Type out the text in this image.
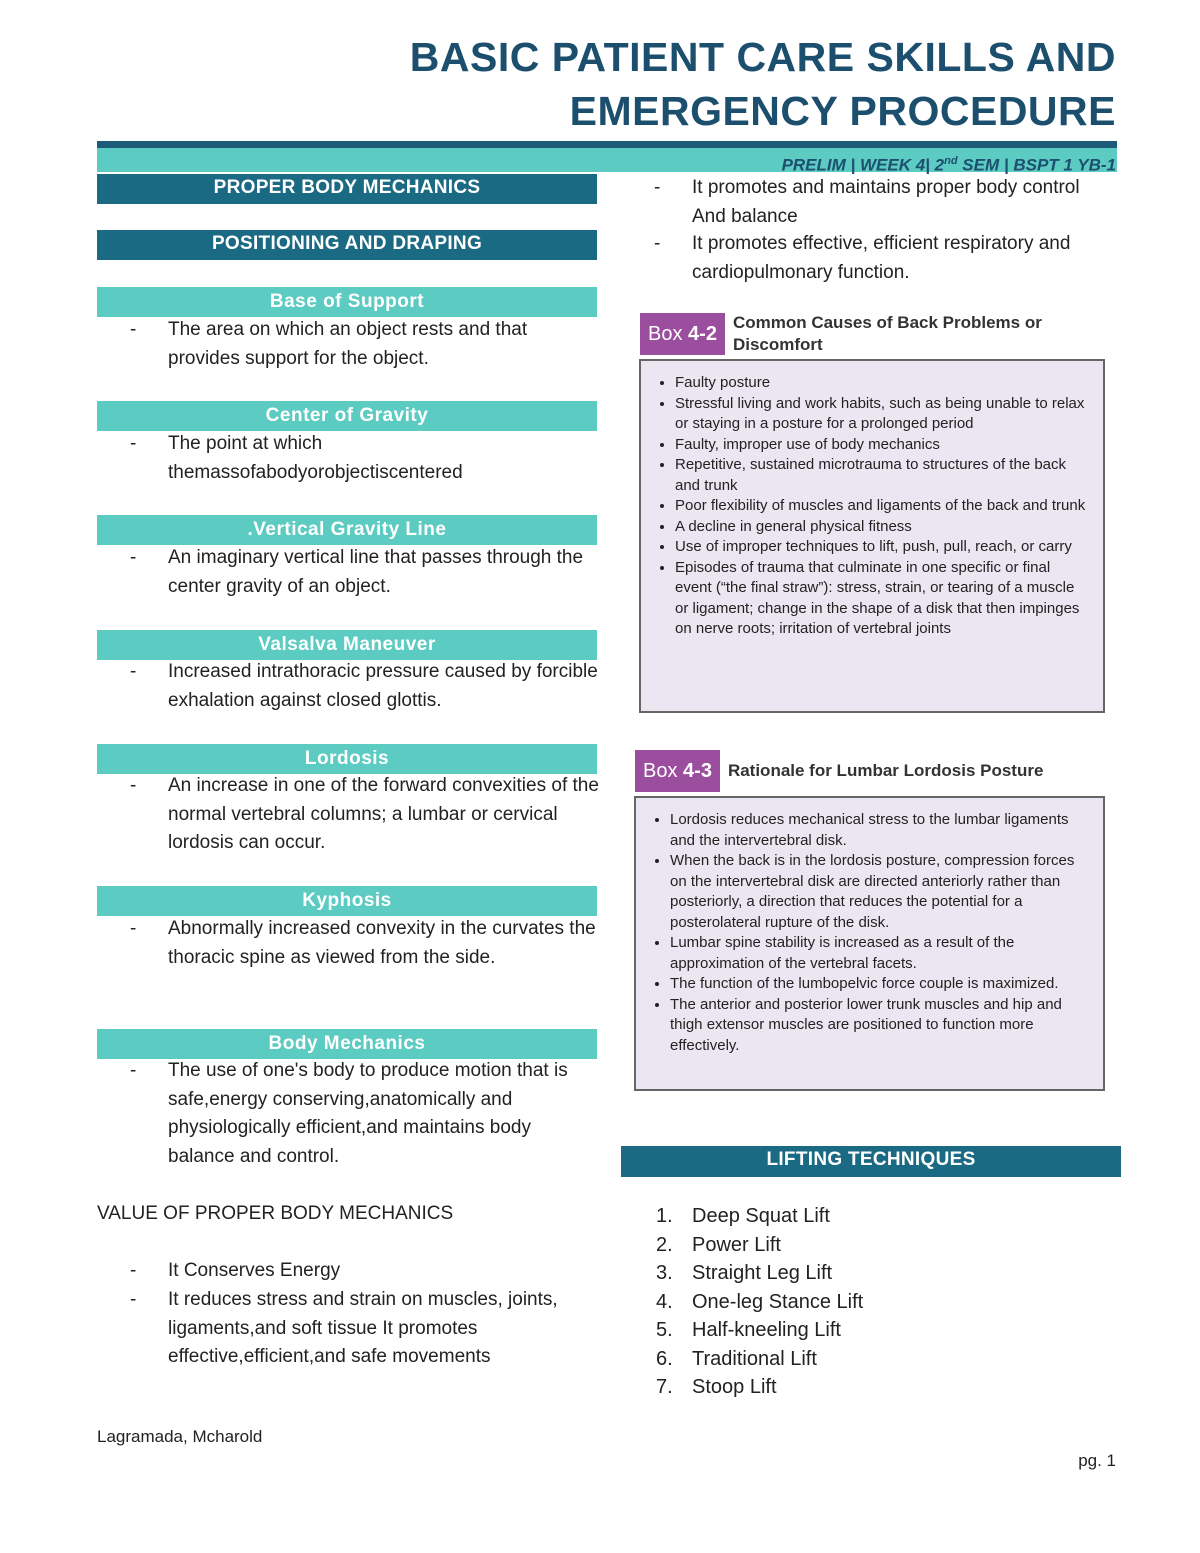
BASIC PATIENT CARE SKILLS AND
EMERGENCY PROCEDURE
PRELIM | WEEK 4| 2nd SEM | BSPT 1 YB-1
PROPER BODY MECHANICS
POSITIONING AND DRAPING
Base of Support
- The area on which an object rests and that provides support for the object.
Center of Gravity
- The point at which themassofabodyorobjectiscentered
.Vertical Gravity Line
- An imaginary vertical line that passes through the center gravity of an object.
Valsalva Maneuver
- Increased intrathoracic pressure caused by forcible exhalation against closed glottis.
Lordosis
- An increase in one of the forward convexities of the normal vertebral columns; a lumbar or cervical lordosis can occur.
Kyphosis
- Abnormally increased convexity in the curvates the thoracic spine as viewed from the side.
Body Mechanics
- The use of one's body to produce motion that is safe,energy conserving,anatomically and physiologically efficient,and maintains body balance and control.
VALUE OF PROPER BODY MECHANICS
- It Conserves Energy
- It reduces stress and strain on muscles, joints, ligaments,and soft tissue It promotes effective,efficient,and safe movements
- It promotes and maintains proper body control And balance
- It promotes effective, efficient respiratory and cardiopulmonary function.
Box 4-2
Common Causes of Back Problems or Discomfort
• Faulty posture
• Stressful living and work habits, such as being unable to relax or staying in a posture for a prolonged period
• Faulty, improper use of body mechanics
• Repetitive, sustained microtrauma to structures of the back and trunk
• Poor flexibility of muscles and ligaments of the back and trunk
• A decline in general physical fitness
• Use of improper techniques to lift, push, pull, reach, or carry
• Episodes of trauma that culminate in one specific or final event (“the final straw”): stress, strain, or tearing of a muscle or ligament; change in the shape of a disk that then impinges on nerve roots; irritation of vertebral joints
Box 4-3 Rationale for Lumbar Lordosis Posture
• Lordosis reduces mechanical stress to the lumbar ligaments and the intervertebral disk.
• When the back is in the lordosis posture, compression forces on the intervertebral disk are directed anteriorly rather than posteriorly, a direction that reduces the potential for a posterolateral rupture of the disk.
• Lumbar spine stability is increased as a result of the approximation of the vertebral facets.
• The function of the lumbopelvic force couple is maximized.
• The anterior and posterior lower trunk muscles and hip and thigh extensor muscles are positioned to function more effectively.
LIFTING TECHNIQUES
1. Deep Squat Lift
2. Power Lift
3. Straight Leg Lift
4. One-leg Stance Lift
5. Half-kneeling Lift
6. Traditional Lift
7. Stoop Lift
Lagramada, Mcharold
pg. 1
